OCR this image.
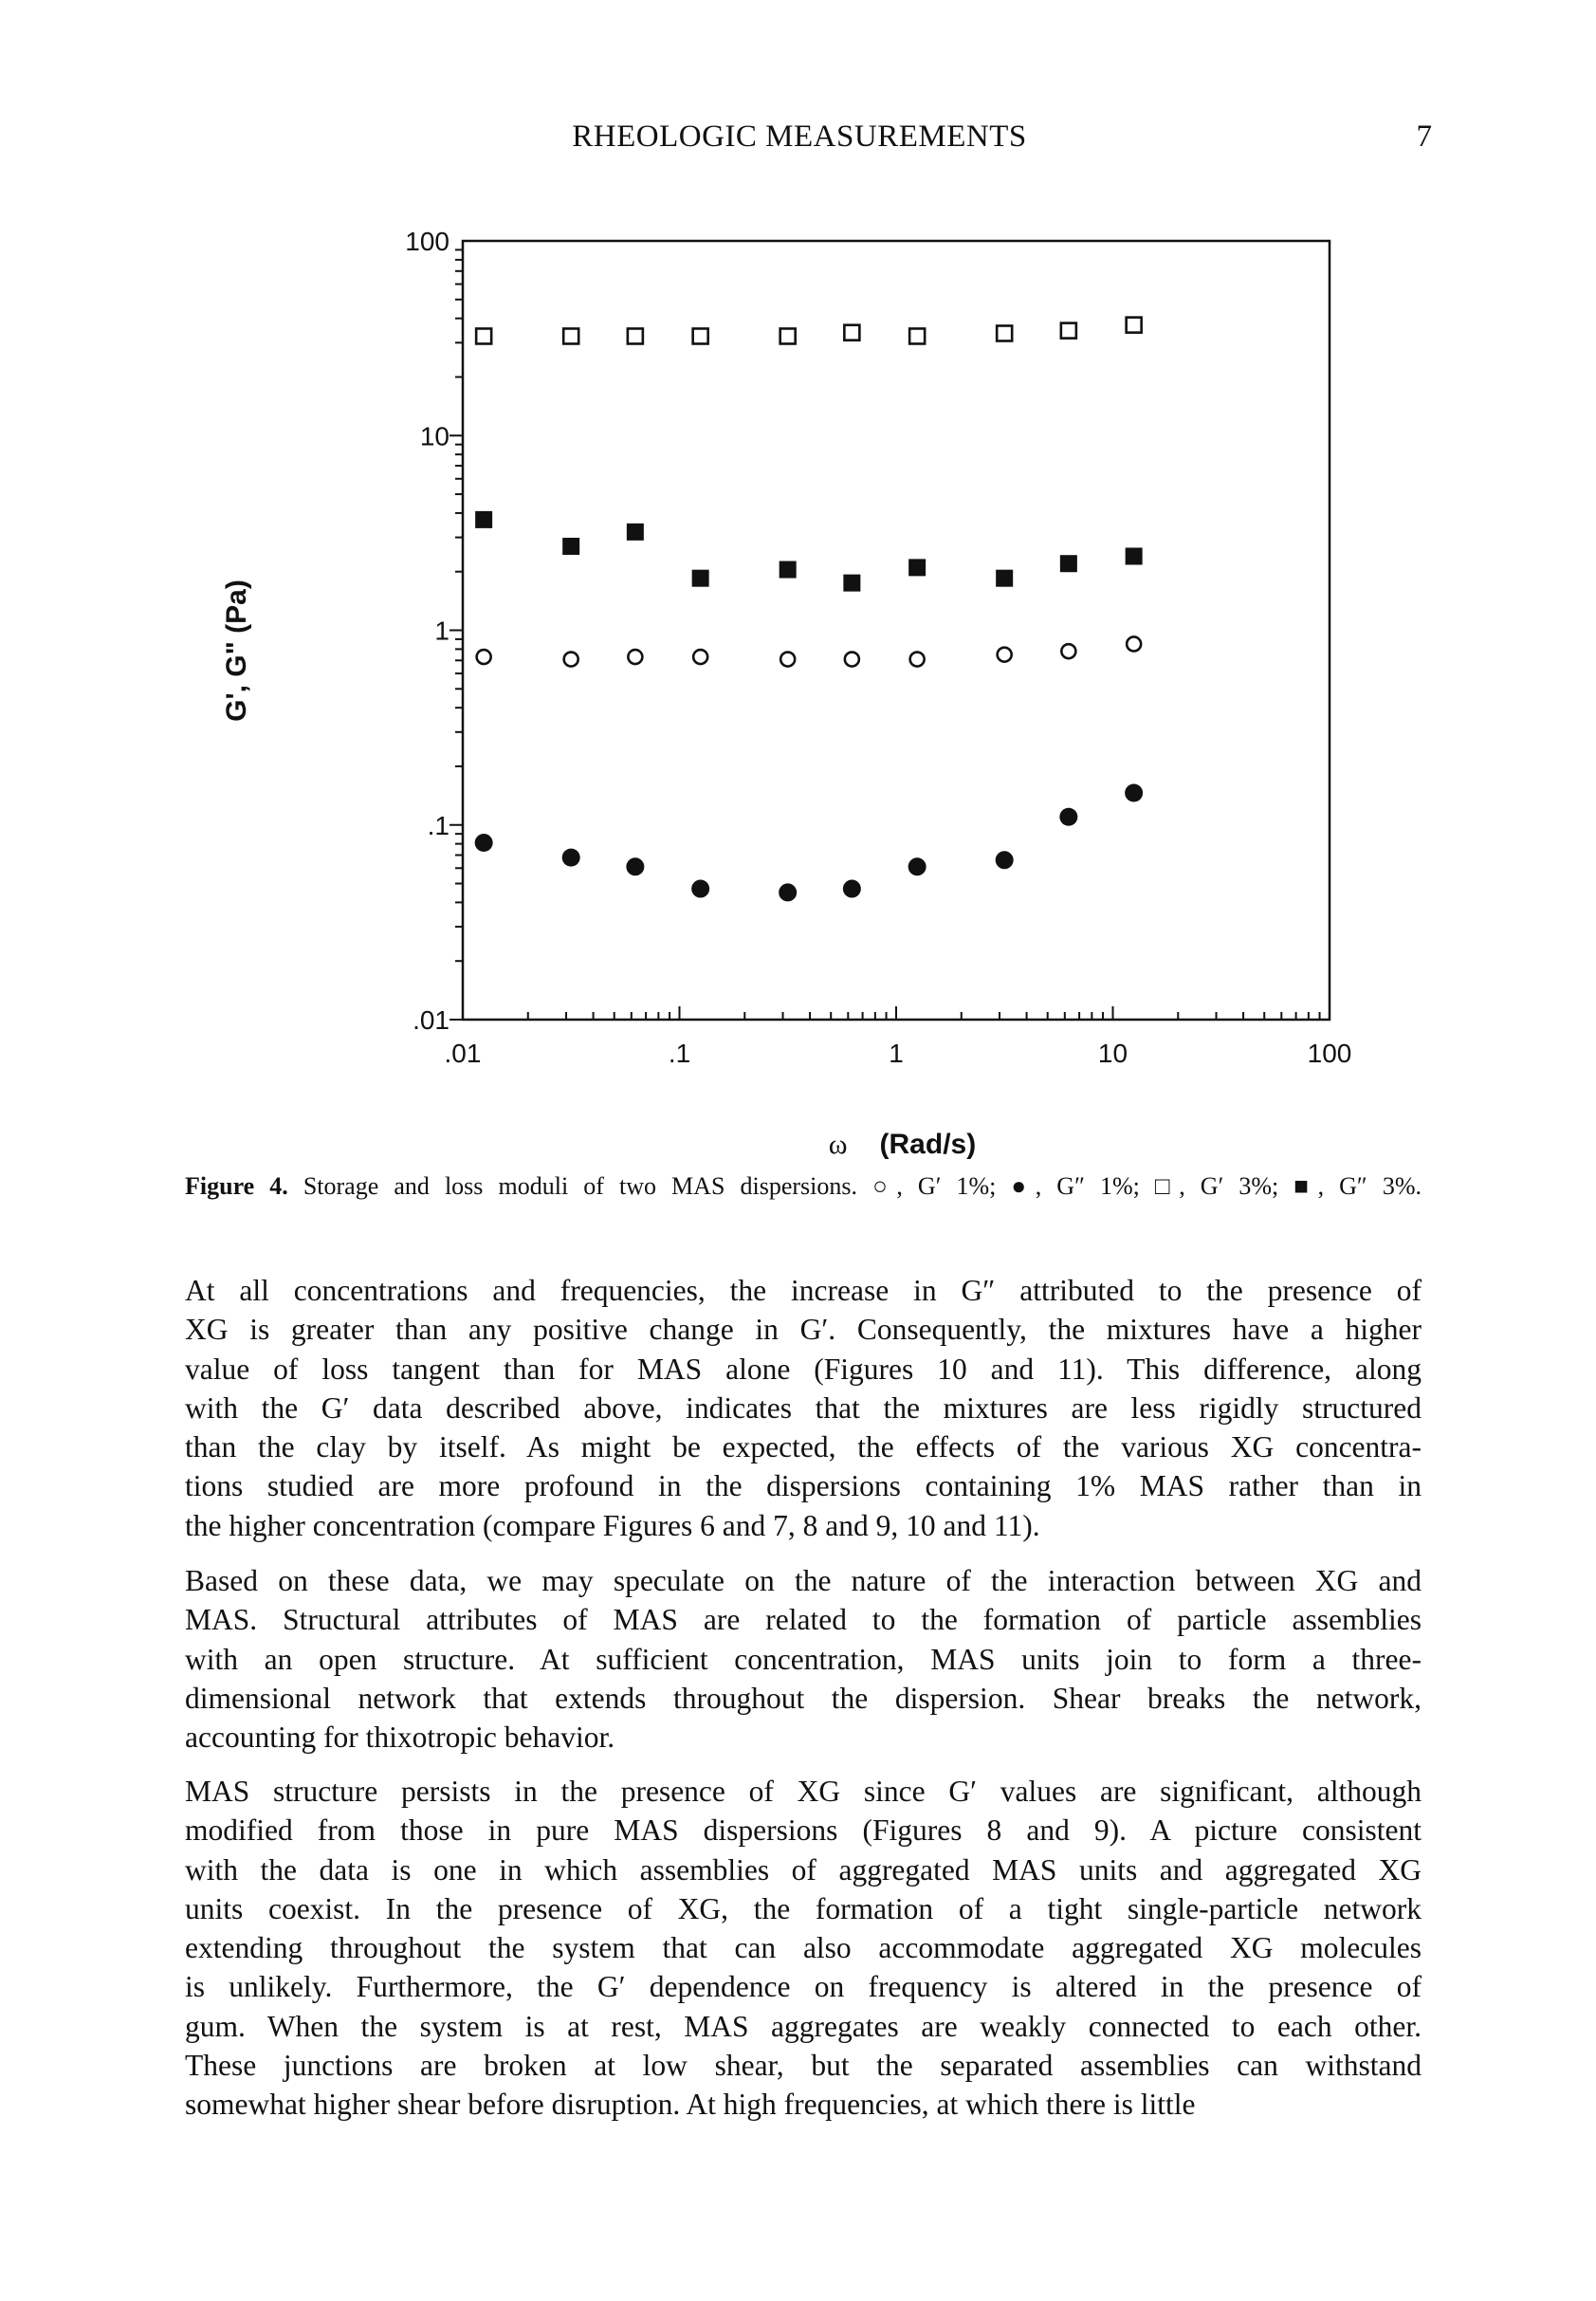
RHEOLOGIC MEASUREMENTS	7
.01	.1	1	10	100
.01
.1
1
10
100
G', G" (Pa)
ω (Rad/s)
Figure 4. Storage and loss moduli of two MAS dispersions. ○, G′ 1%; ●, G″ 1%; □, G′ 3%; ■, G″ 3%.
At all concentrations and frequencies, the increase in G″ attributed to the presence of
XG is greater than any positive change in G′. Consequently, the mixtures have a higher
value of loss tangent than for MAS alone (Figures 10 and 11). This difference, along
with the G′ data described above, indicates that the mixtures are less rigidly structured
than the clay by itself. As might be expected, the effects of the various XG concentra-
tions studied are more profound in the dispersions containing 1% MAS rather than in
the higher concentration (compare Figures 6 and 7, 8 and 9, 10 and 11).
Based on these data, we may speculate on the nature of the interaction between XG and
MAS. Structural attributes of MAS are related to the formation of particle assemblies
with an open structure. At sufficient concentration, MAS units join to form a three-
dimensional network that extends throughout the dispersion. Shear breaks the network,
accounting for thixotropic behavior.
MAS structure persists in the presence of XG since G′ values are significant, although
modified from those in pure MAS dispersions (Figures 8 and 9). A picture consistent
with the data is one in which assemblies of aggregated MAS units and aggregated XG
units coexist. In the presence of XG, the formation of a tight single-particle network
extending throughout the system that can also accommodate aggregated XG molecules
is unlikely. Furthermore, the G′ dependence on frequency is altered in the presence of
gum. When the system is at rest, MAS aggregates are weakly connected to each other.
These junctions are broken at low shear, but the separated assemblies can withstand
somewhat higher shear before disruption. At high frequencies, at which there is little
